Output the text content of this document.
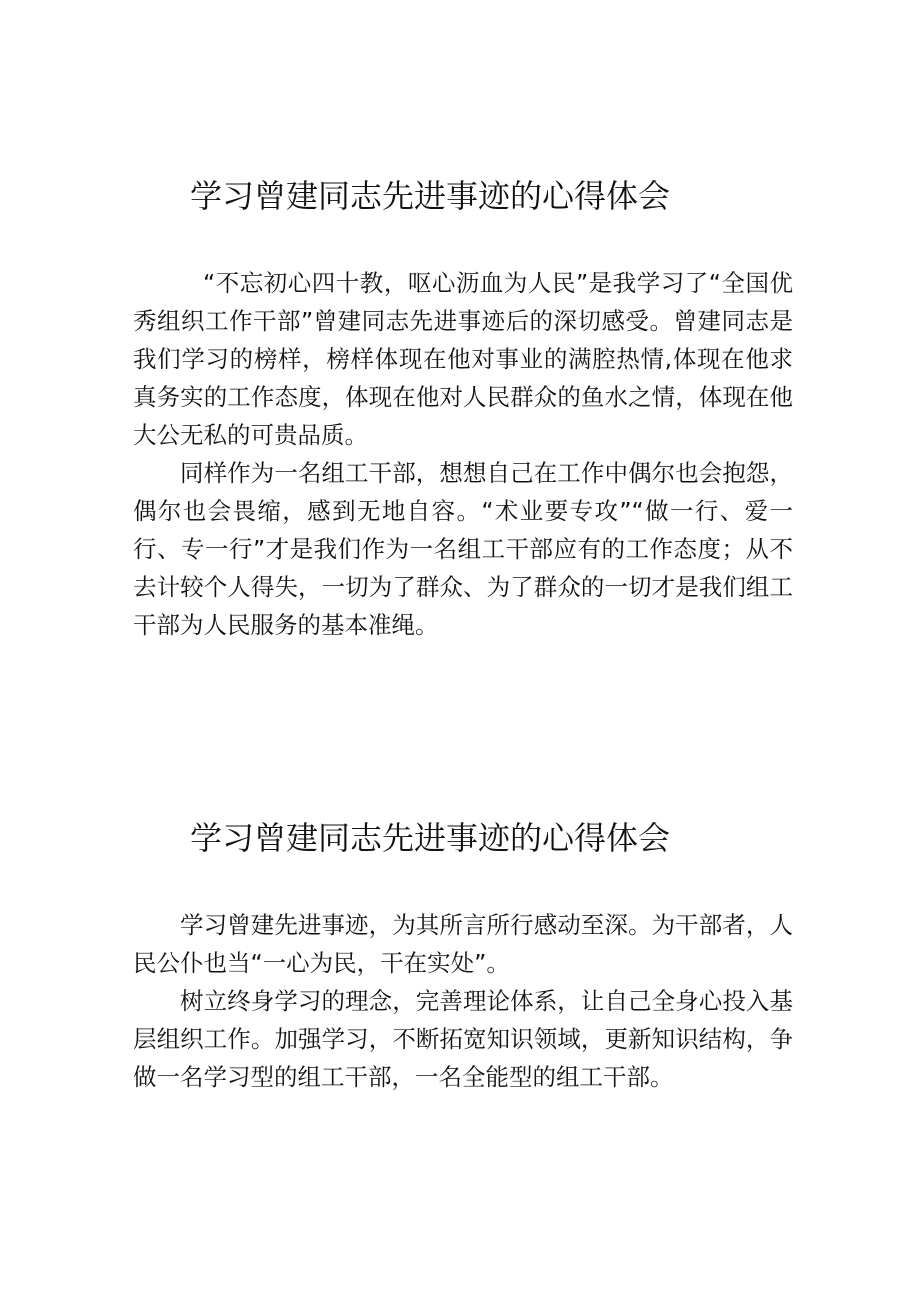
学习曾建同志先进事迹的心得体会

“不忘初心四十教，呕心沥血为人民”是我学习了“全国优秀组织工作干部”曾建同志先进事迹后的深切感受。曾建同志是我们学习的榜样，榜样体现在他对事业的满腔热情,体现在他求真务实的工作态度，体现在他对人民群众的鱼水之情，体现在他大公无私的可贵品质。

同样作为一名组工干部，想想自己在工作中偶尔也会抱怨，偶尔也会畏缩，感到无地自容。“术业要专攻”“做一行、爱一行、专一行”才是我们作为一名组工干部应有的工作态度；从不去计较个人得失，一切为了群众、为了群众的一切才是我们组工干部为人民服务的基本准绳。

学习曾建同志先进事迹的心得体会

学习曾建先进事迹，为其所言所行感动至深。为干部者，人民公仆也当“一心为民，干在实处”。

树立终身学习的理念，完善理论体系，让自己全身心投入基层组织工作。加强学习，不断拓宽知识领域，更新知识结构，争做一名学习型的组工干部，一名全能型的组工干部。
